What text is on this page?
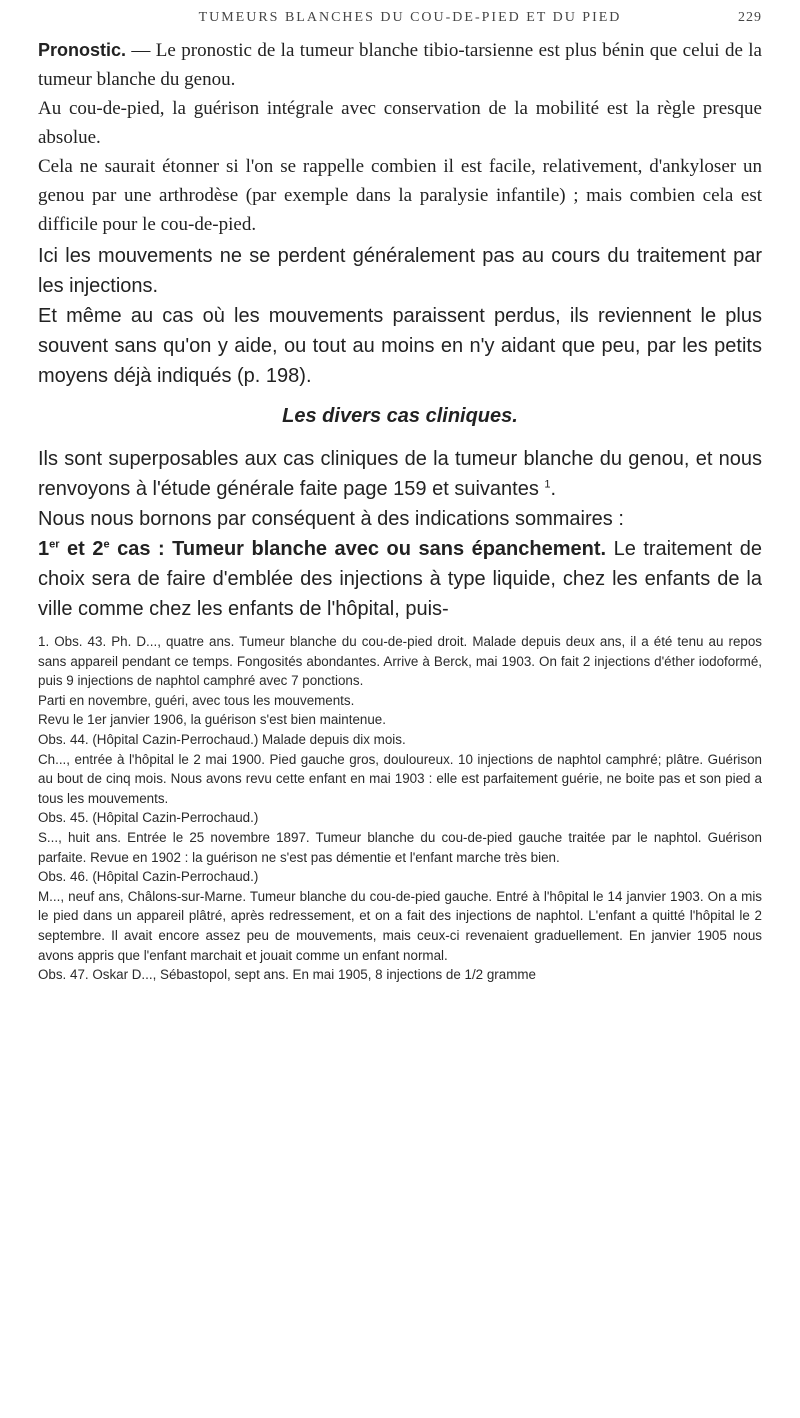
TUMEURS BLANCHES DU COU-DE-PIED ET DU PIED	229

Pronostic. — Le pronostic de la tumeur blanche tibio-tarsienne est plus bénin que celui de la tumeur blanche du genou.

Au cou-de-pied, la guérison intégrale avec conservation de la mobilité est la règle presque absolue.

Cela ne saurait étonner si l'on se rappelle combien il est facile, relativement, d'ankyloser un genou par une arthrodèse (par exemple dans la paralysie infantile) ; mais combien cela est difficile pour le cou-de-pied.

Ici les mouvements ne se perdent généralement pas au cours du traitement par les injections.

Et même au cas où les mouvements paraissent perdus, ils reviennent le plus souvent sans qu'on y aide, ou tout au moins en n'y aidant que peu, par les petits moyens déjà indiqués (p. 198).

Les divers cas cliniques.

Ils sont superposables aux cas cliniques de la tumeur blanche du genou, et nous renvoyons à l'étude générale faite page 159 et suivantes $^1$.

Nous nous bornons par conséquent à des indications sommaires :

1er et 2e cas : Tumeur blanche avec ou sans épanchement. Le traitement de choix sera de faire d'emblée des injections à type liquide, chez les enfants de la ville comme chez les enfants de l'hôpital, puis-

1. Obs. 43. Ph. D..., quatre ans. Tumeur blanche du cou-de-pied droit. Malade depuis deux ans, il a été tenu au repos sans appareil pendant ce temps. Fongosités abondantes. Arrive à Berck, mai 1903. On fait 2 injections d'éther iodoformé, puis 9 injections de naphtol camphré avec 7 ponctions.

Parti en novembre, guéri, avec tous les mouvements.

Revu le 1er janvier 1906, la guérison s'est bien maintenue.

Obs. 44. (Hôpital Cazin-Perrochaud.) Malade depuis dix mois.

Ch..., entrée à l'hôpital le 2 mai 1900. Pied gauche gros, douloureux. 10 injections de naphtol camphré; plâtre. Guérison au bout de cinq mois. Nous avons revu cette enfant en mai 1903 : elle est parfaitement guérie, ne boite pas et son pied a tous les mouvements.

Obs. 45. (Hôpital Cazin-Perrochaud.)

S..., huit ans. Entrée le 25 novembre 1897. Tumeur blanche du cou-de-pied gauche traitée par le naphtol. Guérison parfaite. Revue en 1902 : la guérison ne s'est pas démentie et l'enfant marche très bien.

Obs. 46. (Hôpital Cazin-Perrochaud.)

M..., neuf ans, Châlons-sur-Marne. Tumeur blanche du cou-de-pied gauche. Entré à l'hôpital le 14 janvier 1903. On a mis le pied dans un appareil plâtré, après redressement, et on a fait des injections de naphtol. L'enfant a quitté l'hôpital le 2 septembre. Il avait encore assez peu de mouvements, mais ceux-ci revenaient graduellement. En janvier 1905 nous avons appris que l'enfant marchait et jouait comme un enfant normal.

Obs. 47. Oskar D..., Sébastopol, sept ans. En mai 1905, 8 injections de 1/2 gramme
